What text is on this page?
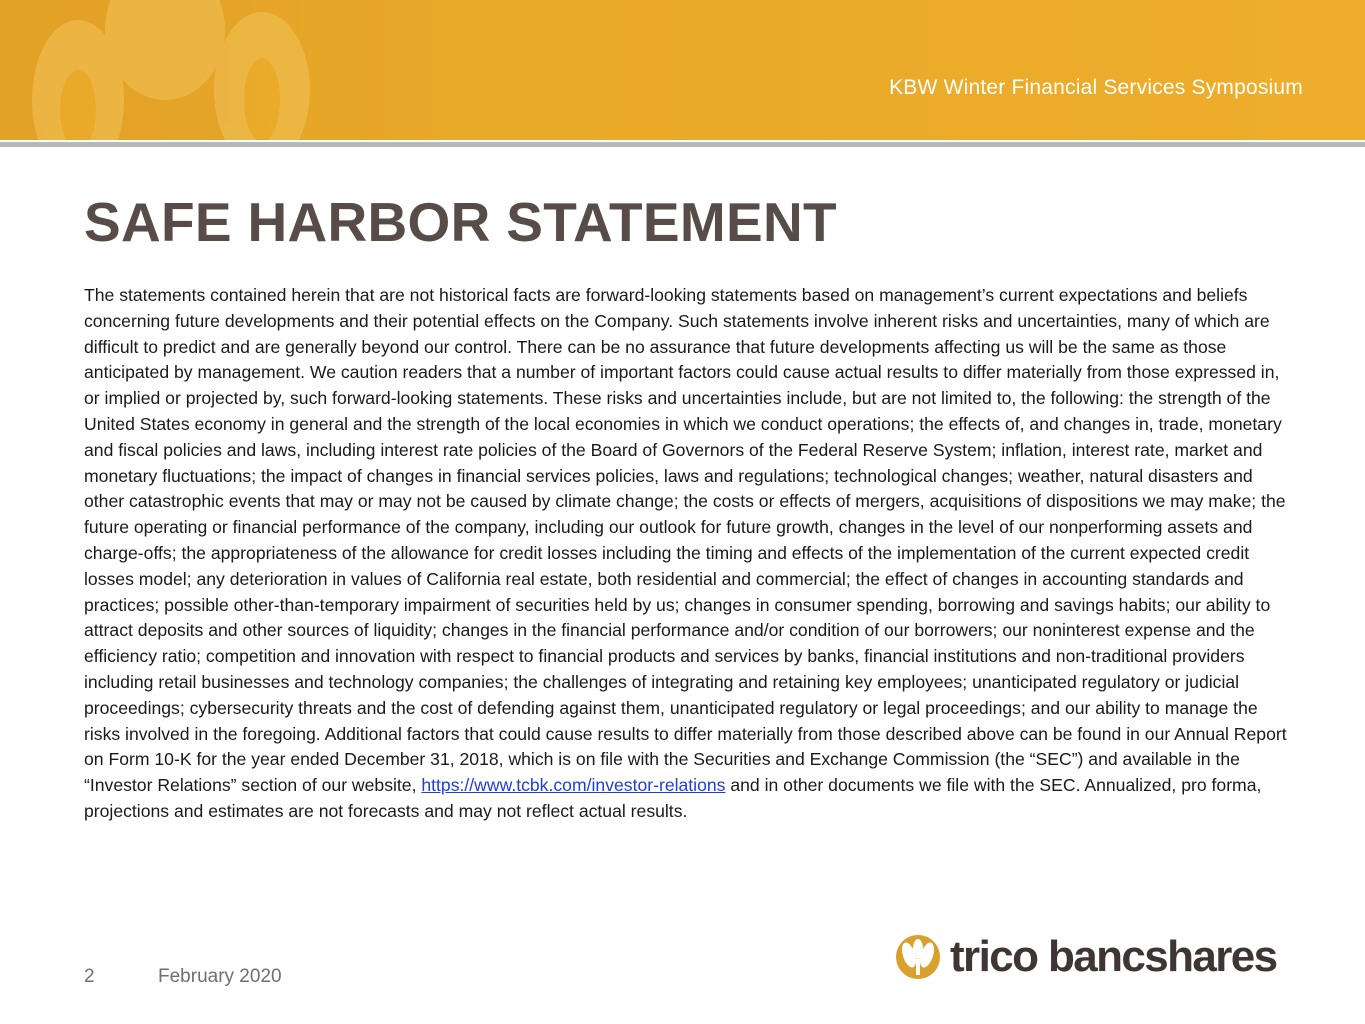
KBW Winter Financial Services Symposium
SAFE HARBOR STATEMENT

The statements contained herein that are not historical facts are forward-looking statements based on management’s current expectations and beliefs concerning future developments and their potential effects on the Company. Such statements involve inherent risks and uncertainties, many of which are difficult to predict and are generally beyond our control. There can be no assurance that future developments affecting us will be the same as those anticipated by management. We caution readers that a number of important factors could cause actual results to differ materially from those expressed in, or implied or projected by, such forward-looking statements. These risks and uncertainties include, but are not limited to, the following: the strength of the United States economy in general and the strength of the local economies in which we conduct operations; the effects of, and changes in, trade, monetary and fiscal policies and laws, including interest rate policies of the Board of Governors of the Federal Reserve System; inflation, interest rate, market and monetary fluctuations; the impact of changes in financial services policies, laws and regulations; technological changes; weather, natural disasters and other catastrophic events that may or may not be caused by climate change; the costs or effects of mergers, acquisitions of dispositions we may make; the future operating or financial performance of the company, including our outlook for future growth, changes in the level of our nonperforming assets and charge-offs; the appropriateness of the allowance for credit losses including the timing and effects of the implementation of the current expected credit losses model; any deterioration in values of California real estate, both residential and commercial; the effect of changes in accounting standards and practices; possible other-than-temporary impairment of securities held by us; changes in consumer spending, borrowing and savings habits; our ability to attract deposits and other sources of liquidity; changes in the financial performance and/or condition of our borrowers; our noninterest expense and the efficiency ratio; competition and innovation with respect to financial products and services by banks, financial institutions and non-traditional providers including retail businesses and technology companies; the challenges of integrating and retaining key employees; unanticipated regulatory or judicial proceedings; cybersecurity threats and the cost of defending against them, unanticipated regulatory or legal proceedings; and our ability to manage the risks involved in the foregoing. Additional factors that could cause results to differ materially from those described above can be found in our Annual Report on Form 10-K for the year ended December 31, 2018, which is on file with the Securities and Exchange Commission (the “SEC”) and available in the “Investor Relations” section of our website, https://www.tcbk.com/investor-relations and in other documents we file with the SEC. Annualized, pro forma, projections and estimates are not forecasts and may not reflect actual results.

2	February 2020	trico bancshares
